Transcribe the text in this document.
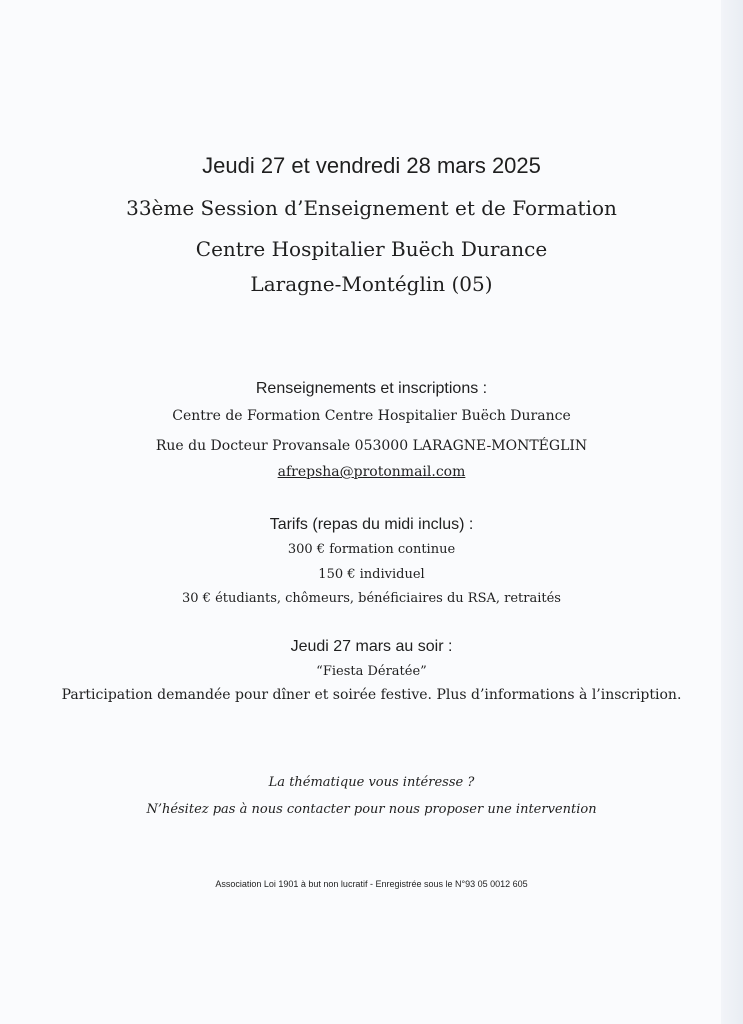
Jeudi 27 et vendredi 28 mars 2025
33ème Session d’Enseignement et de Formation
Centre Hospitalier Buëch Durance
Laragne-Montéglin (05)
Renseignements et inscriptions :
Centre de Formation Centre Hospitalier Buëch Durance
Rue du Docteur Provansale 053000 LARAGNE-MONTÉGLIN
afrepsha@protonmail.com
Tarifs (repas du midi inclus) :
300 € formation continue
150 € individuel
30 € étudiants, chômeurs, bénéficiaires du RSA, retraités
Jeudi 27 mars au soir :
“Fiesta Dératée”
Participation demandée pour dîner et soirée festive. Plus d’informations à l’inscription.
La thématique vous intéresse ?
N’hésitez pas à nous contacter pour nous proposer une intervention
Association Loi 1901 à but non lucratif - Enregistrée sous le N°93 05 0012 605
